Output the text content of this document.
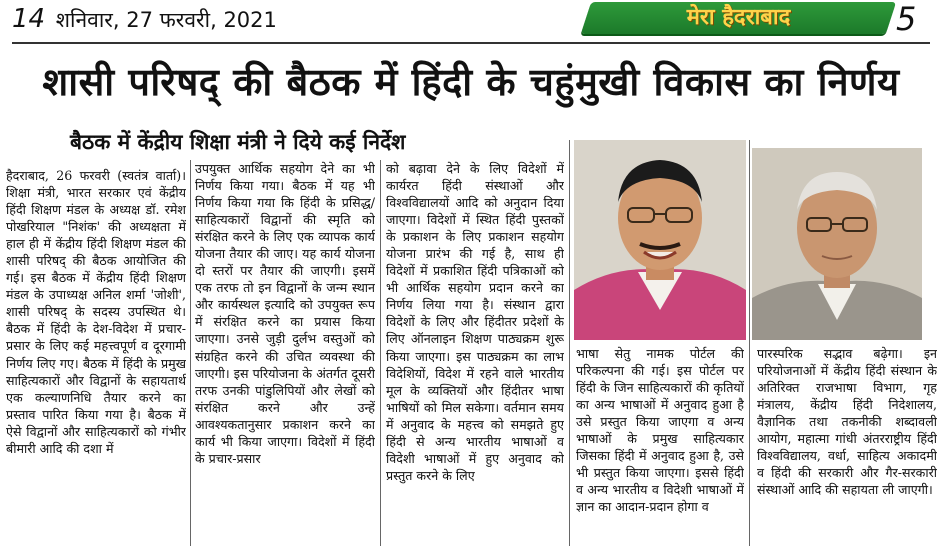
14 शनिवार, 27 फरवरी, 2021	मेरा हैदराबाद	5
शासी परिषद् की बैठक में हिंदी के चहुंमुखी विकास का निर्णय
बैठक में केंद्रीय शिक्षा मंत्री ने दिये कई निर्देश

हैदराबाद, 26 फरवरी (स्वतंत्र वार्ता)। शिक्षा मंत्री, भारत सरकार एवं केंद्रीय हिंदी शिक्षण मंडल के अध्यक्ष डॉ. रमेश पोखरियाल "निशंक' की अध्यक्षता में हाल ही में केंद्रीय हिंदी शिक्षण मंडल की शासी परिषद् की बैठक आयोजित की गई। इस बैठक में केंद्रीय हिंदी शिक्षण मंडल के उपाध्यक्ष अनिल शर्मा 'जोशी', शासी परिषद् के सदस्य उपस्थित थे। बैठक में हिंदी के देश-विदेश में प्रचार-प्रसार के लिए कई महत्त्वपूर्ण व दूरगामी निर्णय लिए गए। बैठक में हिंदी के प्रमुख साहित्यकारों और विद्वानों के सहायतार्थ एक कल्याणनिधि तैयार करने का प्रस्ताव पारित किया गया है। बैठक में ऐसे विद्वानों और साहित्यकारों को गंभीर बीमारी आदि की दशा में

उपयुक्त आर्थिक सहयोग देने का भी निर्णय किया गया। बैठक में यह भी निर्णय किया गया कि हिंदी के प्रसिद्ध/साहित्यकारों विद्वानों की स्मृति को संरक्षित करने के लिए एक व्यापक कार्य योजना तैयार की जाए। यह कार्य योजना दो स्तरों पर तैयार की जाएगी। इसमें एक तरफ तो इन विद्वानों के जन्म स्थान और कार्यस्थल इत्यादि को उपयुक्त रूप में संरक्षित करने का प्रयास किया जाएगा। उनसे जुड़ी दुर्लभ वस्तुओं को संग्रहित करने की उचित व्यवस्था की जाएगी। इस परियोजना के अंतर्गत दूसरी तरफ उनकी पांडुलिपियों और लेखों को संरक्षित करने और उन्हें आवश्यकतानुसार प्रकाशन करने का कार्य भी किया जाएगा। विदेशों में हिंदी के प्रचार-प्रसार

को बढ़ावा देने के लिए विदेशों में कार्यरत हिंदी संस्थाओं और विश्वविद्यालयों आदि को अनुदान दिया जाएगा। विदेशों में स्थित हिंदी पुस्तकों के प्रकाशन के लिए प्रकाशन सहयोग योजना प्रारंभ की गई है, साथ ही विदेशों में प्रकाशित हिंदी पत्रिकाओं को भी आर्थिक सहयोग प्रदान करने का निर्णय लिया गया है। संस्थान द्वारा विदेशों के लिए और हिंदीतर प्रदेशों के लिए ऑनलाइन शिक्षण पाठ्यक्रम शुरू किया जाएगा। इस पाठ्यक्रम का लाभ विदेशियों, विदेश में रहने वाले भारतीय मूल के व्यक्तियों और हिंदीतर भाषा भाषियों को मिल सकेगा। वर्तमान समय में अनुवाद के महत्त्व को समझते हुए हिंदी से अन्य भारतीय भाषाओं व विदेशी भाषाओं में हुए अनुवाद को प्रस्तुत करने के लिए

भाषा सेतु नामक पोर्टल की परिकल्पना की गई। इस पोर्टल पर हिंदी के जिन साहित्यकारों की कृतियों का अन्य भाषाओं में अनुवाद हुआ है उसे प्रस्तुत किया जाएगा व अन्य भाषाओं के प्रमुख साहित्यकार जिसका हिंदी में अनुवाद हुआ है, उसे भी प्रस्तुत किया जाएगा। इससे हिंदी व अन्य भारतीय व विदेशी भाषाओं में ज्ञान का आदान-प्रदान होगा व

पारस्परिक सद्भाव बढ़ेगा। इन परियोजनाओं में केंद्रीय हिंदी संस्थान के अतिरिक्त राजभाषा विभाग, गृह मंत्रालय, केंद्रीय हिंदी निदेशालय, वैज्ञानिक तथा तकनीकी शब्दावली आयोग, महात्मा गांधी अंतरराष्ट्रीय हिंदी विश्वविद्यालय, वर्धा, साहित्य अकादमी व हिंदी की सरकारी और गैर-सरकारी संस्थाओं आदि की सहायता ली जाएगी।
